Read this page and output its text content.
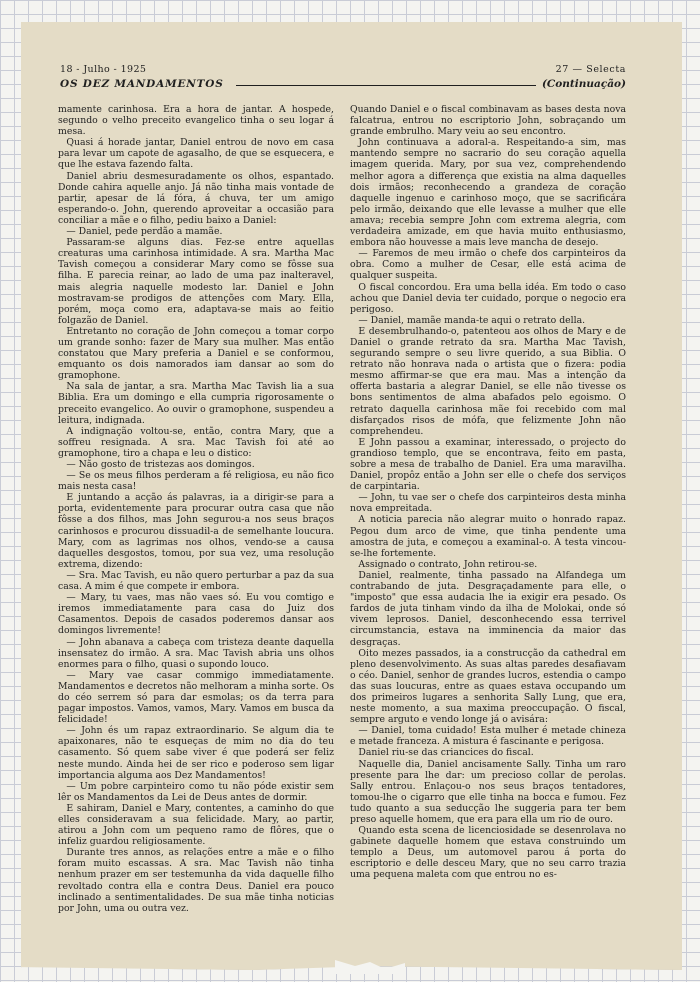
18 - Julho - 1925
OS DEZ MANDAMENTOS
27 — Selecta
(Continuação)

mamente carinhosa. Era a hora de jantar. A hospede, segundo o velho preceito evangelico tinha o seu logar á mesa.

Quasi á horade jantar, Daniel entrou de novo em casa para levar um capote de agasalho, de que se esquecera, e que lhe estava fazendo falta.

Daniel abriu desmesuradamente os olhos, espantado. Donde cahira aquelle anjo. Já não tinha mais vontade de partir, apesar de lá fóra, á chuva, ter um amigo esperando-o. John, querendo aproveitar a occasião para conciliar a mãe e o filho, pediu baixo a Daniel:

— Daniel, pede perdão a mamãe.

Passaram-se alguns dias. Fez-se entre aquellas creaturas uma carinhosa intimidade. A sra. Martha Mac Tavish começou a considerar Mary como se fôsse sua filha. E parecia reinar, ao lado de uma paz inalteravel, mais alegria naquelle modesto lar. Daniel e John mostravam-se prodigos de attenções com Mary. Ella, porém, moça como era, adaptava-se mais ao feitio folgazão de Daniel.

Entretanto no coração de John começou a tomar corpo um grande sonho: fazer de Mary sua mulher. Mas então constatou que Mary preferia a Daniel e se conformou, emquanto os dois namorados iam dansar ao som do gramophone.

Na sala de jantar, a sra. Martha Mac Tavish lia a sua Biblia. Era um domingo e ella cumpria rigorosamente o preceito evangelico. Ao ouvir o gramophone, suspendeu a leitura, indignada.

A indignação voltou-se, então, contra Mary, que a soffreu resignada. A sra. Mac Tavish foi até ao gramophone, tiro a chapa e leu o distico:

— Não gosto de tristezas aos domingos.

— Se os meus filhos perderam a fé religiosa, eu não fico mais nesta casa!

E juntando a acção ás palavras, ia a dirigir-se para a porta, evidentemente para procurar outra casa que não fôsse a dos filhos, mas John segurou-a nos seus braços carinhosos e procurou dissuadil-a de semelhante loucura. Mary, com as lagrimas nos olhos, vendo-se a causa daquelles desgostos, tomou, por sua vez, uma resolução extrema, dizendo:

— Sra. Mac Tavish, eu não quero perturbar a paz da sua casa. A mim é que compete ir embora.

— Mary, tu vaes, mas não vaes só. Eu vou comtigo e iremos immediatamente para casa do Juiz dos Casamentos. Depois de casados poderemos dansar aos domingos livremente!

— John abanava a cabeça com tristeza deante daquella insensatez do irmão. A sra. Mac Tavish abria uns olhos enormes para o filho, quasi o supondo louco.

— Mary vae casar commigo immediatamente. Mandamentos e decretos não melhoram a minha sorte. Os do céo serrem só para dar esmolas; os da terra para pagar impostos. Vamos, vamos, Mary. Vamos em busca da felicidade!

— John és um rapaz extraordinario. Se algum dia te apaixonares, não te esqueças de mim no dia do teu casamento. Só quem sabe viver é que poderá ser feliz neste mundo. Ainda hei de ser rico e poderoso sem ligar importancia alguma aos Dez Mandamentos!

— Um pobre carpinteiro como tu não póde existir sem lêr os Mandamentos da Lei de Deus antes de dormir.

E sahiram, Daniel e Mary, contentes, a caminho do que elles consideravam a sua felicidade. Mary, ao partir, atirou a John com um pequeno ramo de flôres, que o infeliz guardou religiosamente.

Durante tres annos, as relações entre a mãe e o filho foram muito escassas. A sra. Mac Tavish não tinha nenhum prazer em ser testemunha da vida daquelle filho revoltado contra ella e contra Deus. Daniel era pouco inclinado a sentimentalidades. De sua mãe tinha noticias por John, uma ou outra vez.

Quando Daniel e o fiscal combinavam as bases desta nova falcatrua, entrou no escriptorio John, sobraçando um grande embrulho. Mary veiu ao seu encontro.

John continuava a adoral-a. Respeitando-a sim, mas mantendo sempre no sacrario do seu coração aquella imagem querida. Mary, por sua vez, comprehendendo melhor agora a differença que existia na alma daquelles dois irmãos; reconhecendo a grandeza de coração daquelle ingenuo e carinhoso moço, que se sacrificára pelo irmão, deixando que elle levasse a mulher que elle amava; recebia sempre John com extrema alegria, com verdadeira amizade, em que havia muito enthusiasmo, embora não houvesse a mais leve mancha de desejo.

— Faremos de meu irmão o chefe dos carpinteiros da obra. Como a mulher de Cesar, elle está acima de qualquer suspeita.

O fiscal concordou. Era uma bella idéa. Em todo o caso achou que Daniel devia ter cuidado, porque o negocio era perigoso.

— Daniel, mamãe manda-te aqui o retrato della.

E desembrulhando-o, patenteou aos olhos de Mary e de Daniel o grande retrato da sra. Martha Mac Tavish, segurando sempre o seu livre querido, a sua Biblia. O retrato não honrava nada o artista que o fizera: podia mesmo affirmar-se que era mau. Mas a intenção da offerta bastaria a alegrar Daniel, se elle não tivesse os bons sentimentos de alma abafados pelo egoismo. O retrato daquella carinhosa mãe foi recebido com mal disfarçados risos de mófa, que felizmente John não comprehendeu.

E John passou a examinar, interessado, o projecto do grandioso templo, que se encontrava, feito em pasta, sobre a mesa de trabalho de Daniel. Era uma maravilha. Daniel, propôz então a John ser elle o chefe dos serviços de carpintaria.

— John, tu vae ser o chefe dos carpinteiros desta minha nova empreitada.

A noticia parecia não alegrar muito o honrado rapaz. Pegou dum arco de vime, que tinha pendente uma amostra de juta, e começou a examinal-o. A testa vincou-se-lhe fortemente.

Assignado o contrato, John retirou-se.

Daniel, realmente, tinha passado na Alfandega um contrabando de juta. Desgraçadamente para elle, o "imposto" que essa audacia lhe ia exigir era pesado. Os fardos de juta tinham vindo da ilha de Molokai, onde só vivem leprosos. Daniel, desconhecendo essa terrivel circumstancia, estava na imminencia da maior das desgraças.

Oito mezes passados, ia a construcção da cathedral em pleno desenvolvimento. As suas altas paredes desafiavam o céo. Daniel, senhor de grandes lucros, estendia o campo das suas loucuras, entre as quaes estava occupando um dos primeiros lugares a senhorita Sally Lung, que era, neste momento, a sua maxima preoccupação. O fiscal, sempre arguto e vendo longe já o avisára:

— Daniel, toma cuidado! Esta mulher é metade chineza e metade franceza. A mistura é fascinante e perigosa.

Daniel riu-se das criancices do fiscal.

Naquelle dia, Daniel ancisamente Sally. Tinha um raro presente para lhe dar: um precioso collar de perolas. Sally entrou. Enlaçou-o nos seus braços tentadores, tomou-lhe o cigarro que elle tinha na bocca e fumou. Fez tudo quanto a sua seducção lhe suggeria para ter bem preso aquelle homem, que era para ella um rio de ouro.

Quando esta scena de licenciosidade se desenrolava no gabinete daquelle homem que estava construindo um templo a Deus, um automovel parou á porta do escriptorio e delle desceu Mary, que no seu carro trazia uma pequena maleta com que entrou no es-
